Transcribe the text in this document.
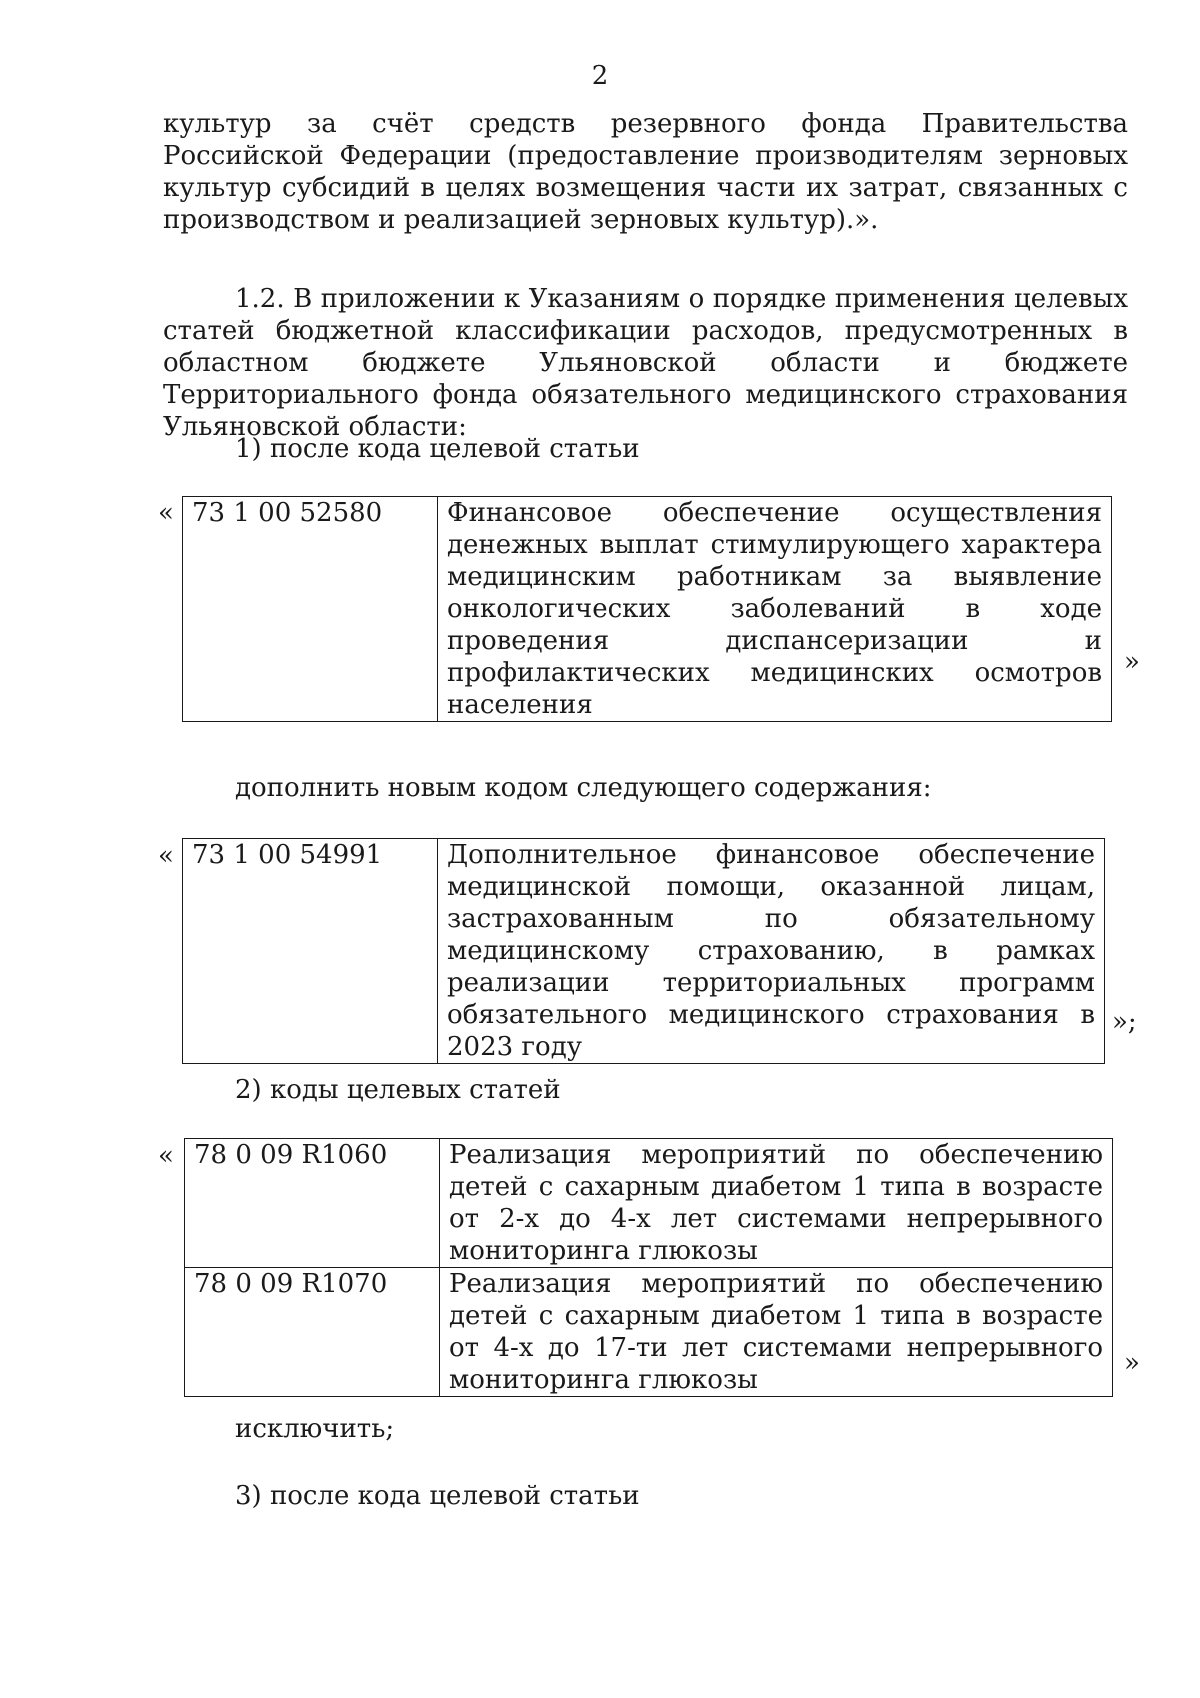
2
культур за счёт средств резервного фонда Правительства Российской Федерации (предоставление производителям зерновых культур субсидий в целях возмещения части их затрат, связанных с производством и реализацией зерновых культур).».
1.2. В приложении к Указаниям о порядке применения целевых статей бюджетной классификации расходов, предусмотренных в областном бюджете Ульяновской области и бюджете Территориального фонда обязательного медицинского страхования Ульяновской области:
1) после кода целевой статьи
« 73 1 00 52580	Финансовое обеспечение осуществления денежных выплат стимулирующего характера медицинским работникам за выявление онкологических заболеваний в ходе проведения диспансеризации и профилактических медицинских осмотров населения
»
дополнить новым кодом следующего содержания:
« 73 1 00 54991	Дополнительное финансовое обеспечение медицинской помощи, оказанной лицам, застрахованным по обязательному медицинскому страхованию, в рамках реализации территориальных программ обязательного медицинского страхования в 2023 году
»;
2) коды целевых статей
« 78 0 09 R1060	Реализация мероприятий по обеспечению детей с сахарным диабетом 1 типа в возрасте от 2-х до 4-х лет системами непрерывного мониторинга глюкозы
78 0 09 R1070	Реализация мероприятий по обеспечению детей с сахарным диабетом 1 типа в возрасте от 4-х до 17-ти лет системами непрерывного мониторинга глюкозы
»
исключить;
3) после кода целевой статьи
